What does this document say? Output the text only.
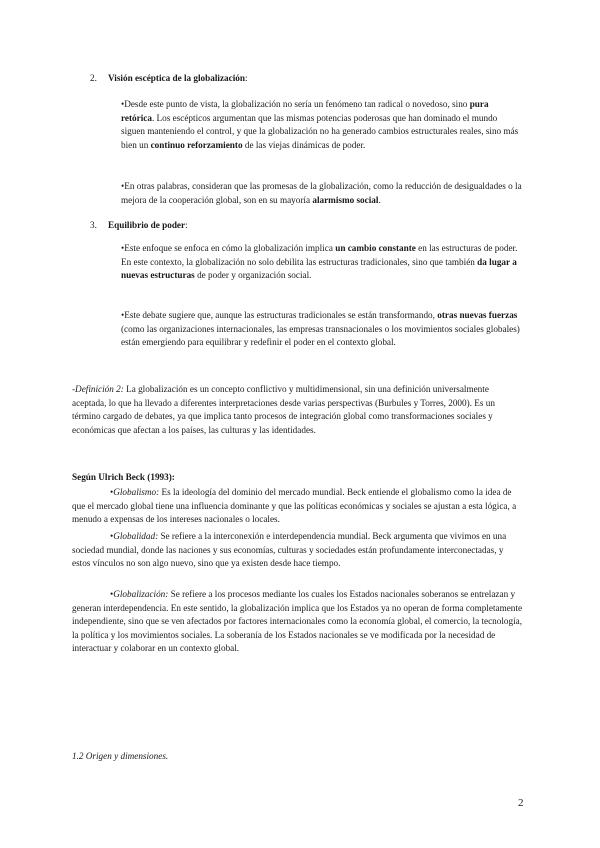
2. Visión escéptica de la globalización:

•Desde este punto de vista, la globalización no sería un fenómeno tan radical o novedoso, sino pura retórica. Los escépticos argumentan que las mismas potencias poderosas que han dominado el mundo siguen manteniendo el control, y que la globalización no ha generado cambios estructurales reales, sino más bien un continuo reforzamiento de las viejas dinámicas de poder.

•En otras palabras, consideran que las promesas de la globalización, como la reducción de desigualdades o la mejora de la cooperación global, son en su mayoría alarmismo social.

3. Equilibrio de poder:

•Este enfoque se enfoca en cómo la globalización implica un cambio constante en las estructuras de poder. En este contexto, la globalización no solo debilita las estructuras tradicionales, sino que también da lugar a nuevas estructuras de poder y organización social.

•Este debate sugiere que, aunque las estructuras tradicionales se están transformando, otras nuevas fuerzas (como las organizaciones internacionales, las empresas transnacionales o los movimientos sociales globales) están emergiendo para equilibrar y redefinir el poder en el contexto global.

-Definición 2: La globalización es un concepto conflictivo y multidimensional, sin una definición universalmente aceptada, lo que ha llevado a diferentes interpretaciones desde varias perspectivas (Burbules y Torres, 2000). Es un término cargado de debates, ya que implica tanto procesos de integración global como transformaciones sociales y económicas que afectan a los países, las culturas y las identidades.

Según Ulrich Beck (1993):

•Globalismo: Es la ideología del dominio del mercado mundial. Beck entiende el globalismo como la idea de que el mercado global tiene una influencia dominante y que las políticas económicas y sociales se ajustan a esta lógica, a menudo a expensas de los intereses nacionales o locales.

•Globalidad: Se refiere a la interconexión e interdependencia mundial. Beck argumenta que vivimos en una sociedad mundial, donde las naciones y sus economías, culturas y sociedades están profundamente interconectadas, y estos vínculos no son algo nuevo, sino que ya existen desde hace tiempo.

•Globalización: Se refiere a los procesos mediante los cuales los Estados nacionales soberanos se entrelazan y generan interdependencia. En este sentido, la globalización implica que los Estados ya no operan de forma completamente independiente, sino que se ven afectados por factores internacionales como la economía global, el comercio, la tecnología, la política y los movimientos sociales. La soberanía de los Estados nacionales se ve modificada por la necesidad de interactuar y colaborar en un contexto global.

1.2 Origen y dimensiones.

2
